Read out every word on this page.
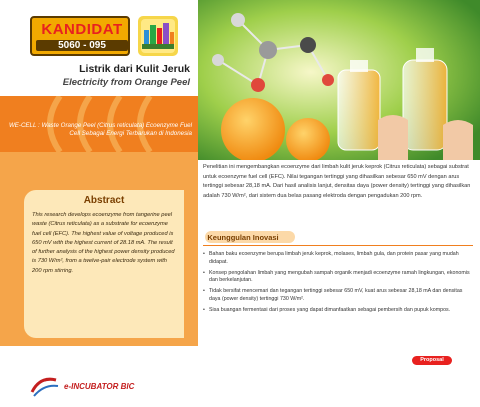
KANDIDAT
5060 - 095
Listrik dari Kulit Jeruk
Electricity from Orange Peel
WE-CELL : Waste Orange Peel (Citrus reticulata) Ecoenzyme Fuel Cell Sebagai Energi Terbarukan di Indonesia
Abstract
This research develops ecoenzyme from tangerine peel waste (Citrus reticulata) as a substrate for ecoenzyme fuel cell (EFC). The highest value of voltage produced is 650 mV with the highest current of 28.18 mA. The result of further analysis of the highest power density produced is 730 W/m², from a twelve-pair electrode system with 200 rpm stirring.
Penelitian ini mengembangkan ecoenzyme dari limbah kulit jeruk keprok (Citrus reticulata) sebagai substrat untuk ecoenzyme fuel cell (EFC). Nilai tegangan tertinggi yang dihasilkan sebesar 650 mV dengan arus tertinggi sebesar 28,18 mA. Dari hasil analisis lanjut, densitas daya (power density) tertinggi yang dihasilkan adalah 730 W/m², dari sistem dua belas pasang elektroda dengan pengadukan 200 rpm.
Keunggulan Inovasi
• Bahan baku ecoenzyme berupa limbah jeruk keprok, molases, limbah gula, dan protein pasar yang mudah didapat.
• Konsep pengolahan limbah yang mengubah sampah organik menjadi ecoenzyme ramah lingkungan, ekonomis dan berkelanjutan.
• Tidak bersifat mencemari dan tegangan tertinggi sebesar 650 mV, kuat arus sebesar 28,18 mA dan densitas daya (power density) tertinggi 730 W/m².
• Sisa buangan fermentasi dari proses yang dapat dimanfaatkan sebagai pembersih dan pupuk kompos.
Proposal
e-INCUBATOR BIC
